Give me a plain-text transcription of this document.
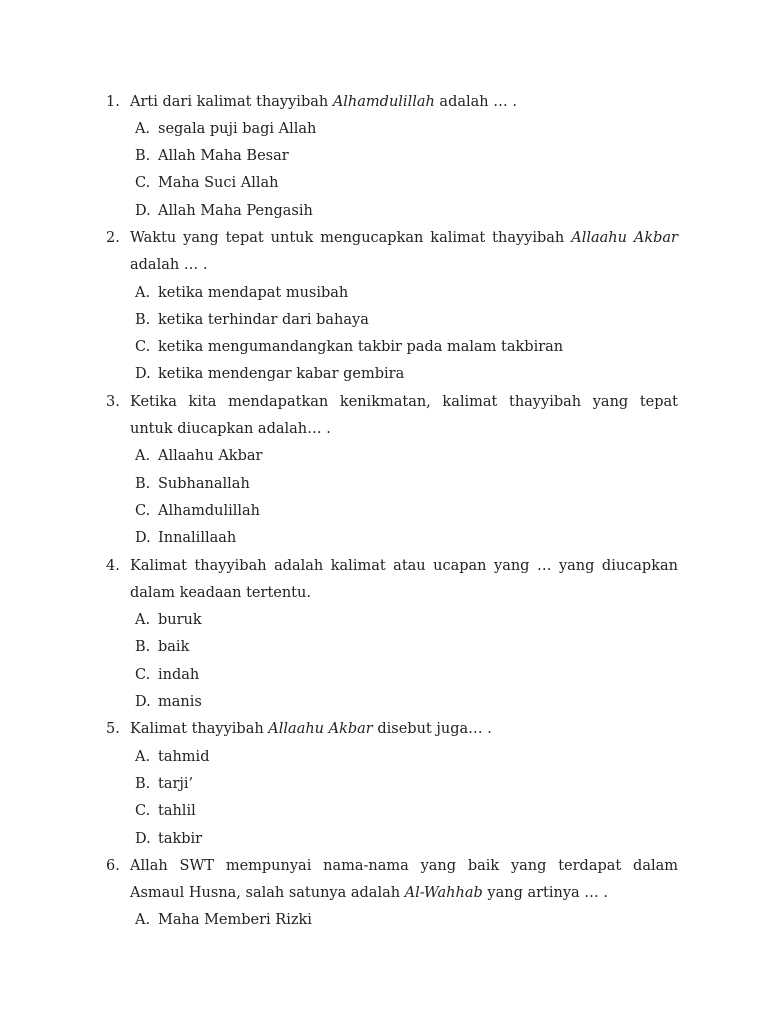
1. Arti dari kalimat thayyibah Alhamdulillah adalah … .
A. segala puji bagi Allah
B. Allah Maha Besar
C. Maha Suci Allah
D. Allah Maha Pengasih
2. Waktu yang tepat untuk mengucapkan kalimat thayyibah Allaahu Akbar
adalah … .
A. ketika mendapat musibah
B. ketika terhindar dari bahaya
C. ketika mengumandangkan takbir pada malam takbiran
D. ketika mendengar kabar gembira
3. Ketika kita mendapatkan kenikmatan, kalimat thayyibah yang tepat
untuk diucapkan adalah… .
A. Allaahu Akbar
B. Subhanallah
C. Alhamdulillah
D. Innalillaah
4. Kalimat thayyibah adalah kalimat atau ucapan yang … yang diucapkan
dalam keadaan tertentu.
A. buruk
B. baik
C. indah
D. manis
5. Kalimat thayyibah Allaahu Akbar disebut juga… .
A. tahmid
B. tarji’
C. tahlil
D. takbir
6. Allah SWT mempunyai nama-nama yang baik yang terdapat dalam
Asmaul Husna, salah satunya adalah Al-Wahhab yang artinya … .
A. Maha Memberi Rizki
